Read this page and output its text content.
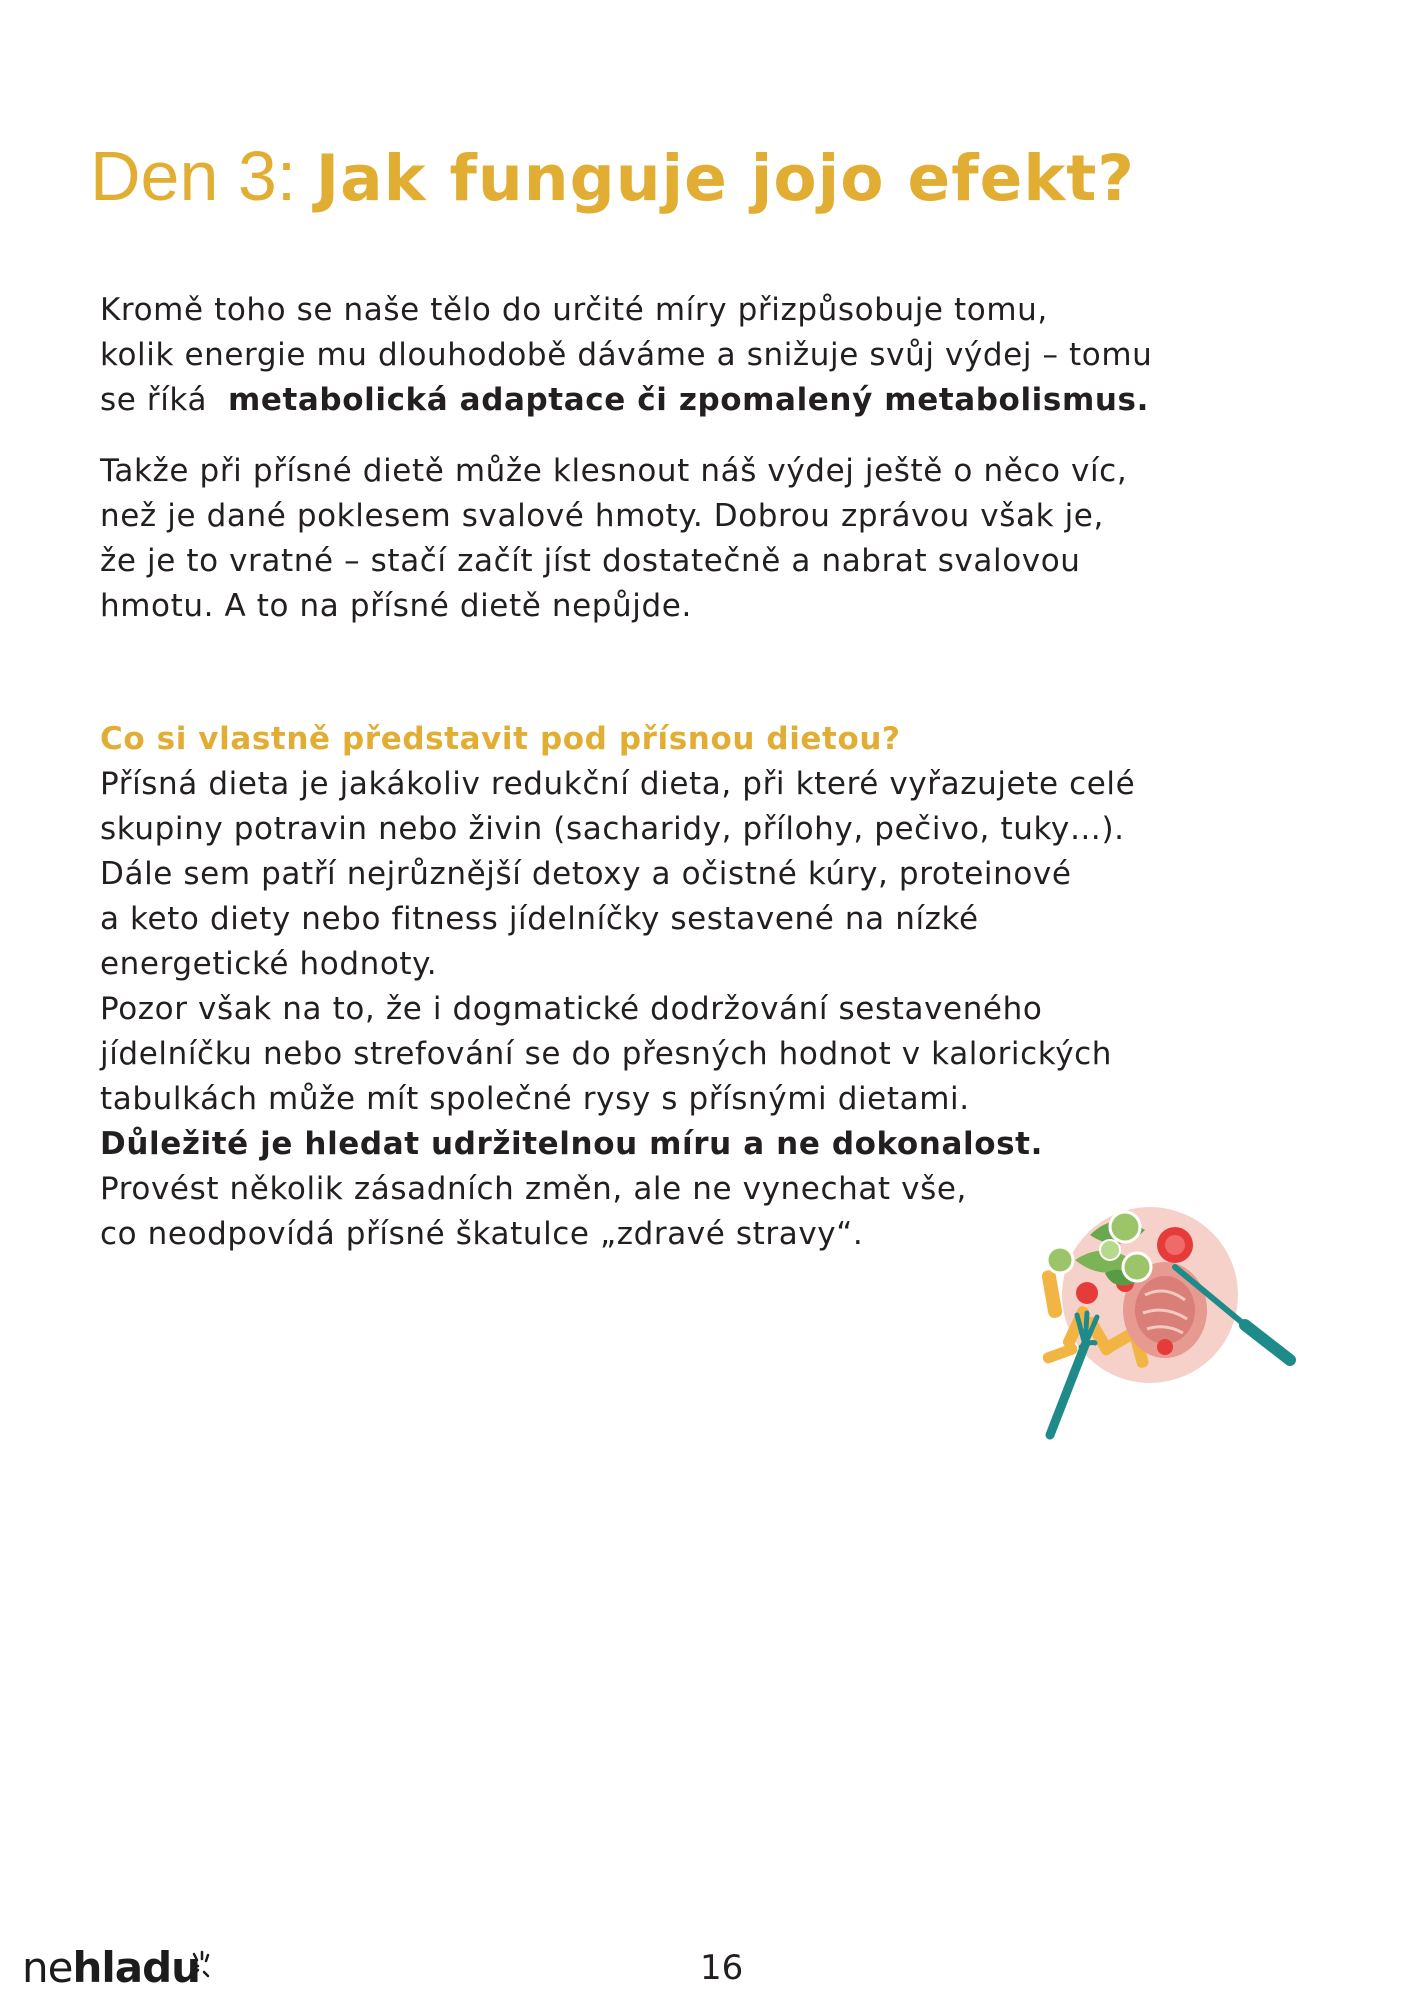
Den 3: Jak funguje jojo efekt?

Kromě toho se naše tělo do určité míry přizpůsobuje tomu,
kolik energie mu dlouhodobě dáváme a snižuje svůj výdej – tomu
se říká metabolická adaptace či zpomalený metabolismus.

Takže při přísné dietě může klesnout náš výdej ještě o něco víc,
než je dané poklesem svalové hmoty. Dobrou zprávou však je,
že je to vratné – stačí začít jíst dostatečně a nabrat svalovou
hmotu. A to na přísné dietě nepůjde.

Co si vlastně představit pod přísnou dietou?
Přísná dieta je jakákoliv redukční dieta, při které vyřazujete celé
skupiny potravin nebo živin (sacharidy, přílohy, pečivo, tuky…).
Dále sem patří nejrůznější detoxy a očistné kúry, proteinové
a keto diety nebo fitness jídelníčky sestavené na nízké
energetické hodnoty.
Pozor však na to, že i dogmatické dodržování sestaveného
jídelníčku nebo strefování se do přesných hodnot v kalorických
tabulkách může mít společné rysy s přísnými dietami.
Důležité je hledat udržitelnou míru a ne dokonalost.
Provést několik zásadních změn, ale ne vynechat vše,
co neodpovídá přísné škatulce „zdravé stravy“.
nehladu	16
